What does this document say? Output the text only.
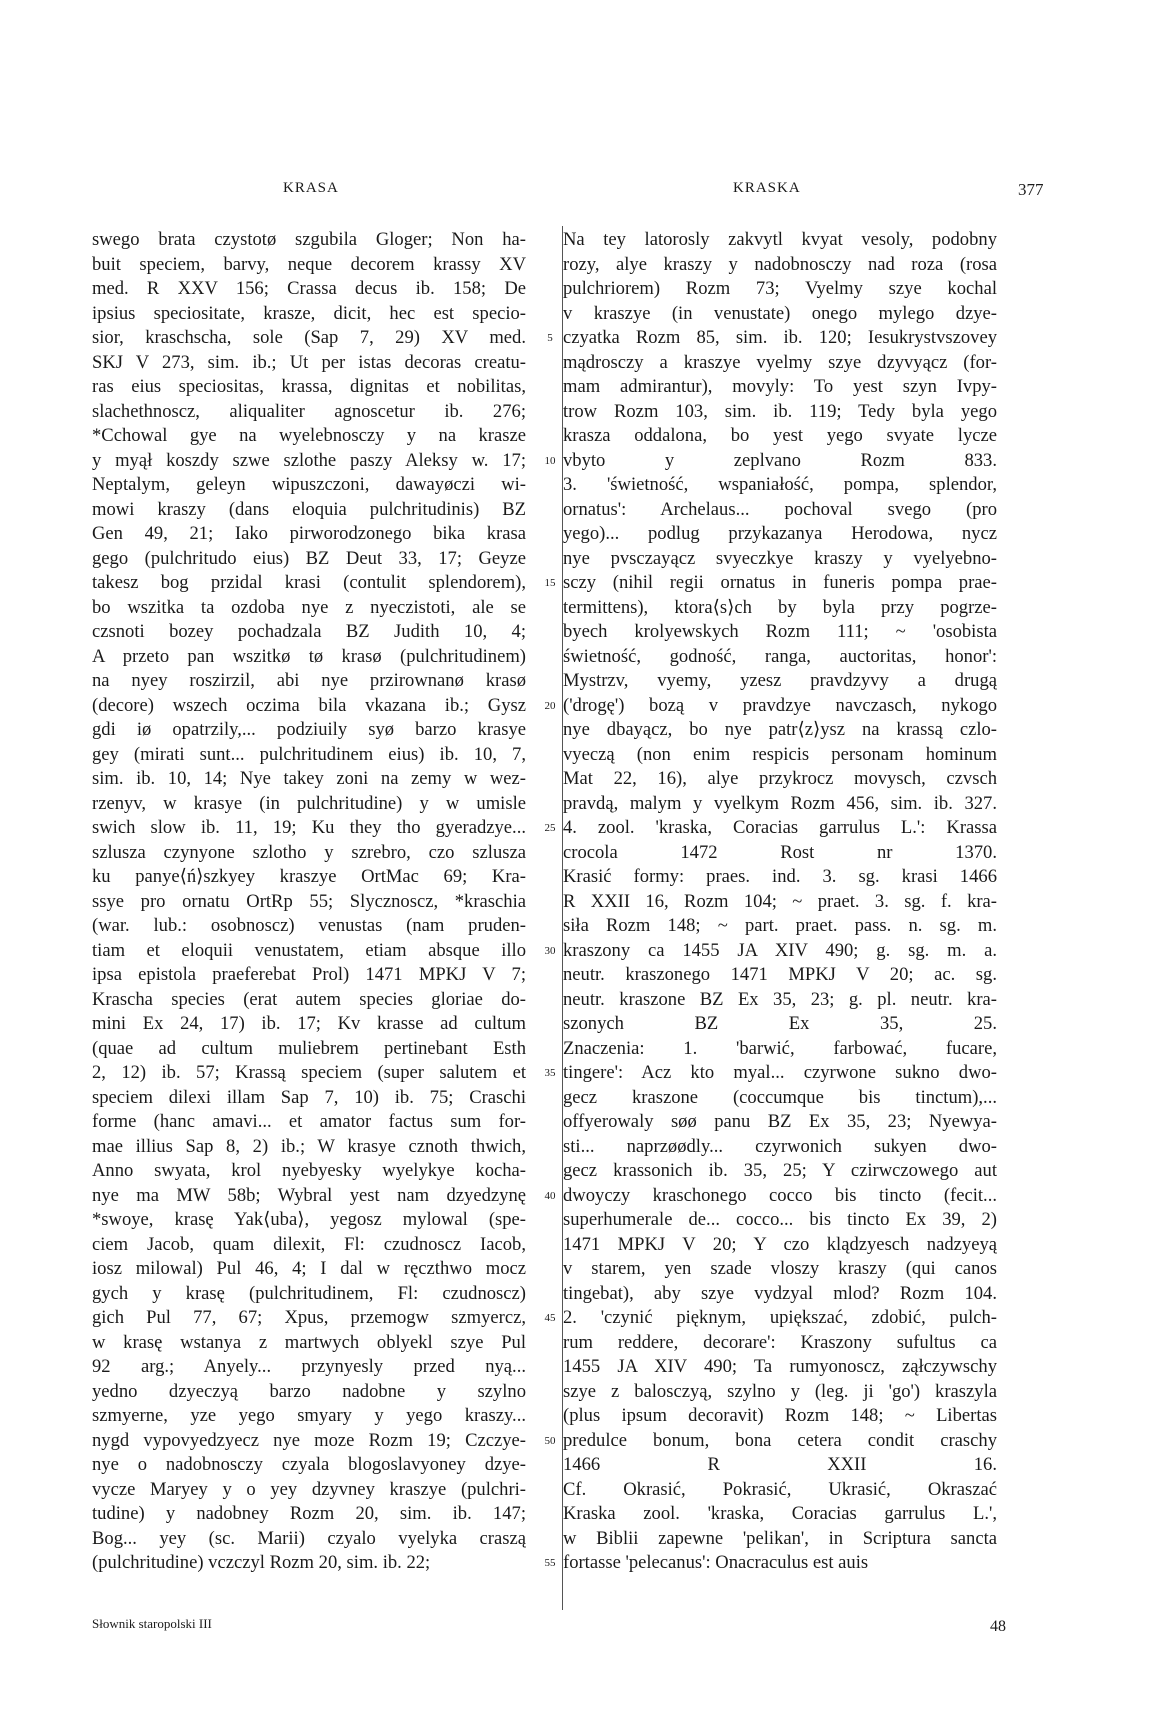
KRASA	KRASKA	377
swego brata czystotø szgubila Gloger; Non ha-
buit speciem, barvy, neque decorem krassy XV
med. R XXV 156; Crassa decus ib. 158; De
ipsius speciositate, krasze, dicit, hec est specio-
sior, kraschscha, sole (Sap 7, 29) XV med.
SKJ V 273, sim. ib.; Ut per istas decoras creatu-
ras eius speciositas, krassa, dignitas et nobilitas,
slachethnoscz, aliqualiter agnoscetur ib. 276;
*Cchowal gye na wyelebnosczy y na krasze
y myął koszdy szwe szlothe paszy Aleksy w. 17;
Neptalym, geleyn wipuszczoni, dawayøczi wi-
mowi kraszy (dans eloquia pulchritudinis) BZ
Gen 49, 21; Iako pirworodzonego bika krasa
gego (pulchritudo eius) BZ Deut 33, 17; Geyze
takesz bog przidal krasi (contulit splendorem),
bo wszitka ta ozdoba nye z nyeczistoti, ale se
czsnoti bozey pochadzala BZ Judith 10, 4;
A przeto pan wszitkø tø krasø (pulchritudinem)
na nyey roszirzil, abi nye przirownanø krasø
(decore) wszech oczima bila vkazana ib.; Gysz
gdi iø opatrzily,... podziuily syø barzo krasye
gey (mirati sunt... pulchritudinem eius) ib. 10, 7,
sim. ib. 10, 14; Nye takey zoni na zemy w wez-
rzenyv, w krasye (in pulchritudine) y w umisle
swich slow ib. 11, 19; Ku they tho gyeradzye...
szlusza czynyone szlotho y szrebro, czo szlusza
ku panye⟨ń⟩szkyey kraszye OrtMac 69; Kra-
ssye pro ornatu OrtRp 55; Slycznoscz, *kraschia
(war. lub.: osobnoscz) venustas (nam pruden-
tiam et eloquii venustatem, etiam absque illo
ipsa epistola praeferebat Prol) 1471 MPKJ V 7;
Krascha species (erat autem species gloriae do-
mini Ex 24, 17) ib. 17; Kv krasse ad cultum
(quae ad cultum muliebrem pertinebant Esth
2, 12) ib. 57; Krassą speciem (super salutem et
speciem dilexi illam Sap 7, 10) ib. 75; Craschi
forme (hanc amavi... et amator factus sum for-
mae illius Sap 8, 2) ib.; W krasye cznoth thwich,
Anno swyata, krol nyebyesky wyelykye kocha-
nye ma MW 58b; Wybral yest nam dzyedzynę
*swoye, krasę Yak⟨uba⟩, yegosz mylowal (spe-
ciem Jacob, quam dilexit, Fl: czudnoscz Iacob,
iosz milowal) Pul 46, 4; I dal w ręczthwo mocz
gych y krasę (pulchritudinem, Fl: czudnoscz)
gich Pul 77, 67; Xpus, przemogw szmyercz,
w krasę wstanya z martwych oblyekl szye Pul
92 arg.; Anyely... przynyesly przed nyą...
yedno dzyeczyą barzo nadobne y szylno
szmyerne, yze yego smyary y yego kraszy...
nygd vypovyedzyecz nye moze Rozm 19; Czczye-
nye o nadobnosczy czyala blogoslavyoney dzye-
vycze Maryey y o yey dzyvney kraszye (pulchri-
tudine) y nadobney Rozm 20, sim. ib. 147;
Bog... yey (sc. Marii) czyalo vyelyka craszą
(pulchritudine) vczczyl Rozm 20, sim. ib. 22;
5
10
15
20
25
30
35
40
45
50
55
Na tey latorosly zakvytl kvyat vesoly, podobny
rozy, alye kraszy y nadobnosczy nad roza (rosa
pulchriorem) Rozm 73; Vyelmy szye kochal
v kraszye (in venustate) onego mylego dzye-
czyatka Rozm 85, sim. ib. 120; Iesukrystvszovey
mądrosczy a kraszye vyelmy szye dzyvyącz (for-
mam admirantur), movyly: To yest szyn Ivpy-
trow Rozm 103, sim. ib. 119; Tedy byla yego
krasza oddalona, bo yest yego svyate lycze
vbyto y zeplvano Rozm 833.
3. 'świetność, wspaniałość, pompa, splendor,
ornatus': Archelaus... pochoval svego (pro
yego)... podlug przykazanya Herodowa, nycz
nye pvsczayącz svyeczkye kraszy y vyelyebno-
sczy (nihil regii ornatus in funeris pompa prae-
termittens), ktora⟨s⟩ch by byla przy pogrze-
byech krolyewskych Rozm 111; ~ 'osobista
świetność, godność, ranga, auctoritas, honor':
Mystrzv, vyemy, yzesz pravdzyvy a drugą
('drogę') bozą v pravdzye navczasch, nykogo
nye dbayącz, bo nye patr⟨z⟩ysz na krassą czlo-
vyeczą (non enim respicis personam hominum
Mat 22, 16), alye przykrocz movysch, czvsch
pravdą, malym y vyelkym Rozm 456, sim. ib. 327.
4. zool. 'kraska, Coracias garrulus L.': Krassa
crocola 1472 Rost nr 1370.
Krasić formy: praes. ind. 3. sg. krasi 1466
R XXII 16, Rozm 104; ~ praet. 3. sg. f. kra-
siła Rozm 148; ~ part. praet. pass. n. sg. m.
kraszony ca 1455 JA XIV 490; g. sg. m. a.
neutr. kraszonego 1471 MPKJ V 20; ac. sg.
neutr. kraszone BZ Ex 35, 23; g. pl. neutr. kra-
szonych BZ Ex 35, 25.
Znaczenia: 1. 'barwić, farbować, fucare,
tingere': Acz kto myal... czyrwone sukno dwo-
gecz kraszone (coccumque bis tinctum),...
offyerowaly søø panu BZ Ex 35, 23; Nyewya-
sti... naprzøødly... czyrwonich sukyen dwo-
gecz krassonich ib. 35, 25; Y czirwczowego aut
dwoyczy kraschonego cocco bis tincto (fecit...
superhumerale de... cocco... bis tincto Ex 39, 2)
1471 MPKJ V 20; Y czo klądzyesch nadzyeyą
v starem, yen szade vloszy kraszy (qui canos
tingebat), aby szye vydzyal mlod? Rozm 104.
2. 'czynić pięknym, upiększać, zdobić, pulch-
rum reddere, decorare': Kraszony sufultus ca
1455 JA XIV 490; Ta rumyonoscz, ząłczywschy
szye z balosczyą, szylno y (leg. ji 'go') kraszyla
(plus ipsum decoravit) Rozm 148; ~ Libertas
predulce bonum, bona cetera condit craschy
1466 R XXII 16.
Cf. Okrasić, Pokrasić, Ukrasić, Okraszać
Kraska zool. 'kraska, Coracias garrulus L.',
w Biblii zapewne 'pelikan', in Scriptura sancta
fortasse 'pelecanus': Onacraculus est auis
Słownik staropolski III	48
